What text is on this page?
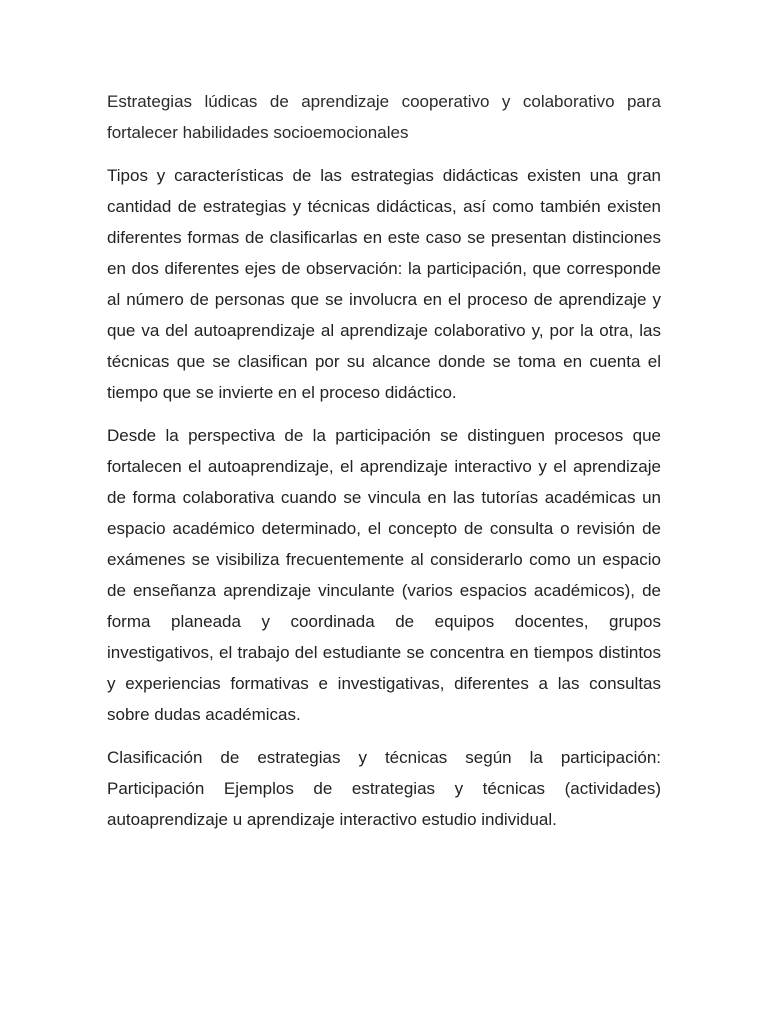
Estrategias lúdicas de aprendizaje cooperativo y colaborativo para fortalecer habilidades socioemocionales

Tipos y características de las estrategias didácticas existen una gran cantidad de estrategias y técnicas didácticas, así como también existen diferentes formas de clasificarlas en este caso se presentan distinciones en dos diferentes ejes de observación: la participación, que corresponde al número de personas que se involucra en el proceso de aprendizaje y que va del autoaprendizaje al aprendizaje colaborativo y, por la otra, las técnicas que se clasifican por su alcance donde se toma en cuenta el tiempo que se invierte en el proceso didáctico.

Desde la perspectiva de la participación se distinguen procesos que fortalecen el autoaprendizaje, el aprendizaje interactivo y el aprendizaje de forma colaborativa cuando se vincula en las tutorías académicas un espacio académico determinado, el concepto de consulta o revisión de exámenes se visibiliza frecuentemente al considerarlo como un espacio de enseñanza aprendizaje vinculante (varios espacios académicos), de forma planeada y coordinada de equipos docentes, grupos investigativos, el trabajo del estudiante se concentra en tiempos distintos y experiencias formativas e investigativas, diferentes a las consultas sobre dudas académicas.

Clasificación de estrategias y técnicas según la participación: Participación Ejemplos de estrategias y técnicas (actividades) autoaprendizaje u aprendizaje interactivo estudio individual.
